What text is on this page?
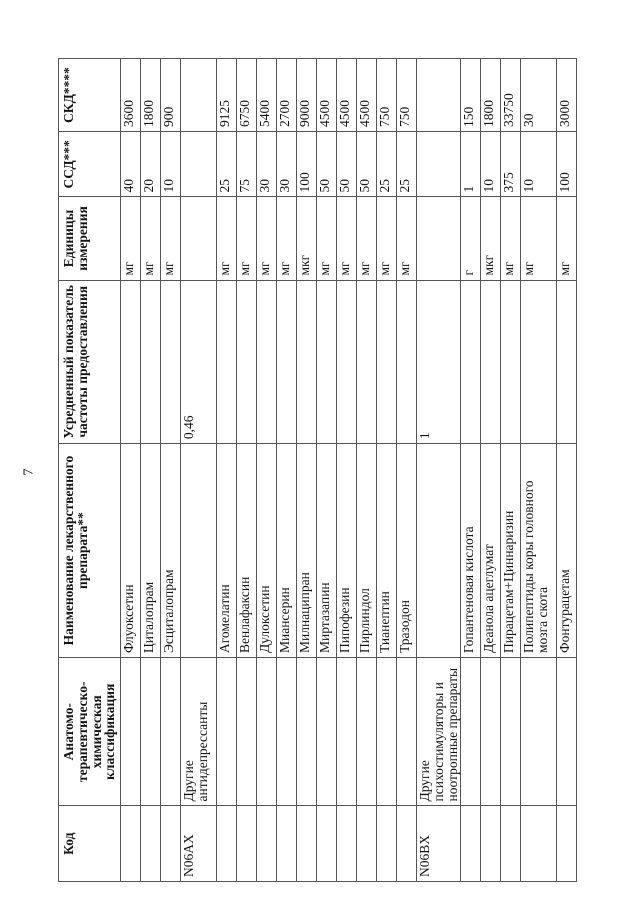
7
Код	Анатомо-терапевтическо-химическая классификация	Наименование лекарственного препарата**	Усредненный показатель частоты предоставления	Единицы измерения	ССД***	СКД****
		Флуоксетин		мг	40	3600
		Циталопрам		мг	20	1800
		Эсциталопрам		мг	10	900
N06AX	Другие антидепрессанты		0,46			
		Агомелатин		мг	25	9125
		Венлафаксин		мг	75	6750
		Дулоксетин		мг	30	5400
		Миансерин		мг	30	2700
		Милнаципран		мкг	100	9000
		Миртазапин		мг	50	4500
		Пипофезин		мг	50	4500
		Пирлиндол		мг	50	4500
		Тианептин		мг	25	750
		Тразодон		мг	25	750
N06BX	Другие психостимуляторы и ноотропные препараты		1			
		Гопантеновая кислота		г	1	150
		Деанола ацеглумат		мкг	10	1800
		Пирацетам+Циннаризин		мг	375	33750
		Полипептиды коры головного мозга скота		мг	10	30
		Фонтурацетам		мг	100	3000
